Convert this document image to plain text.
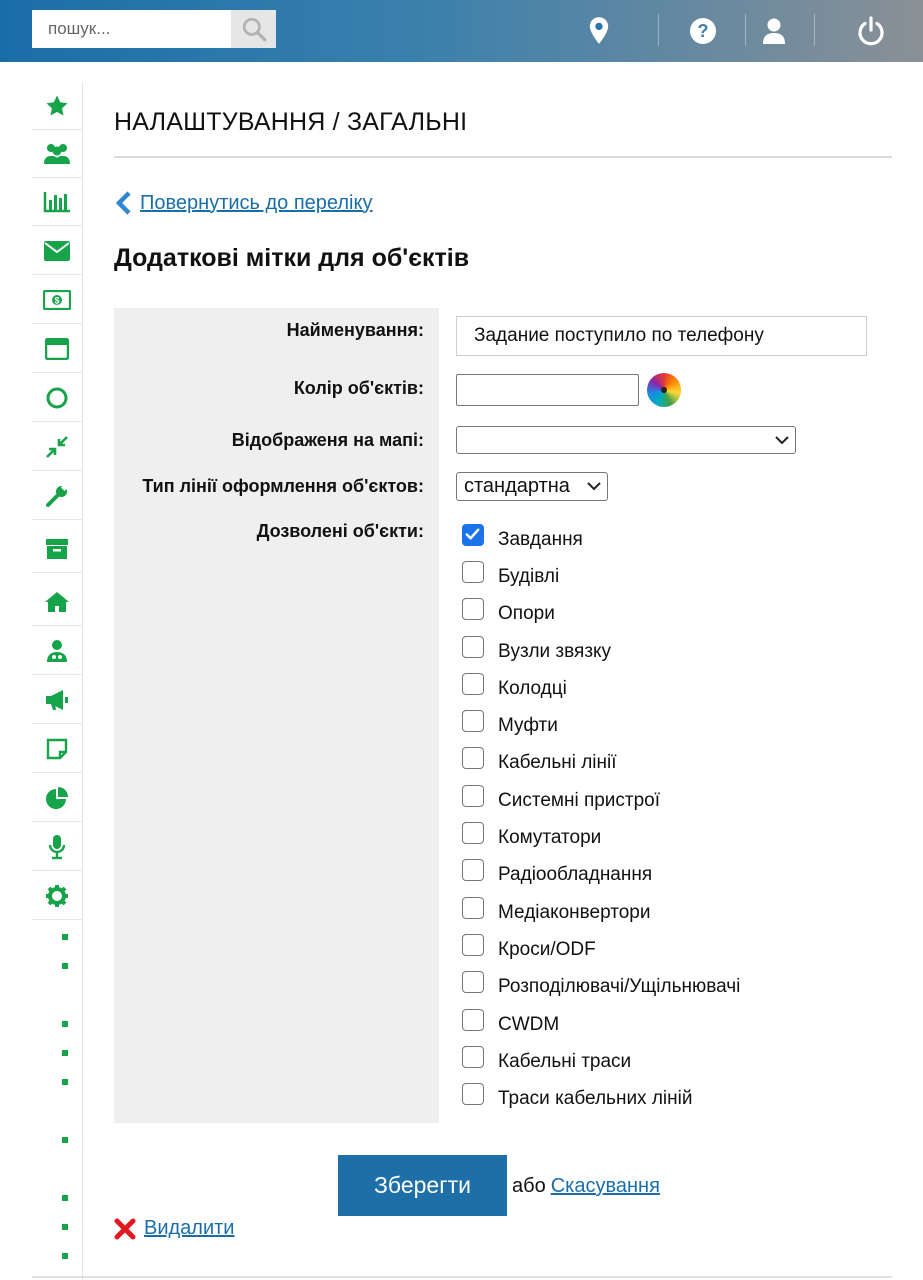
пошук...
?
$
НАЛАШТУВАННЯ / ЗАГАЛЬНІ
Повернутись до переліку
Додаткові мітки для об'єктів
Найменування:
Колір об'єктів:
Відображеня на мапі:
Тип лінії оформлення об'єктов:
Дозволені об'єкти:
Задание поступило по телефону
стандартна
Завдання
Будівлі
Опори
Вузли звязку
Колодці
Муфти
Кабельні лінії
Системні пристрої
Комутатори
Радіообладнання
Медіаконвертори
Кроси/ODF
Розподілювачі/Ущільнювачі
CWDM
Кабельні траси
Траси кабельних ліній
Зберегти	або Скасування
Видалити
